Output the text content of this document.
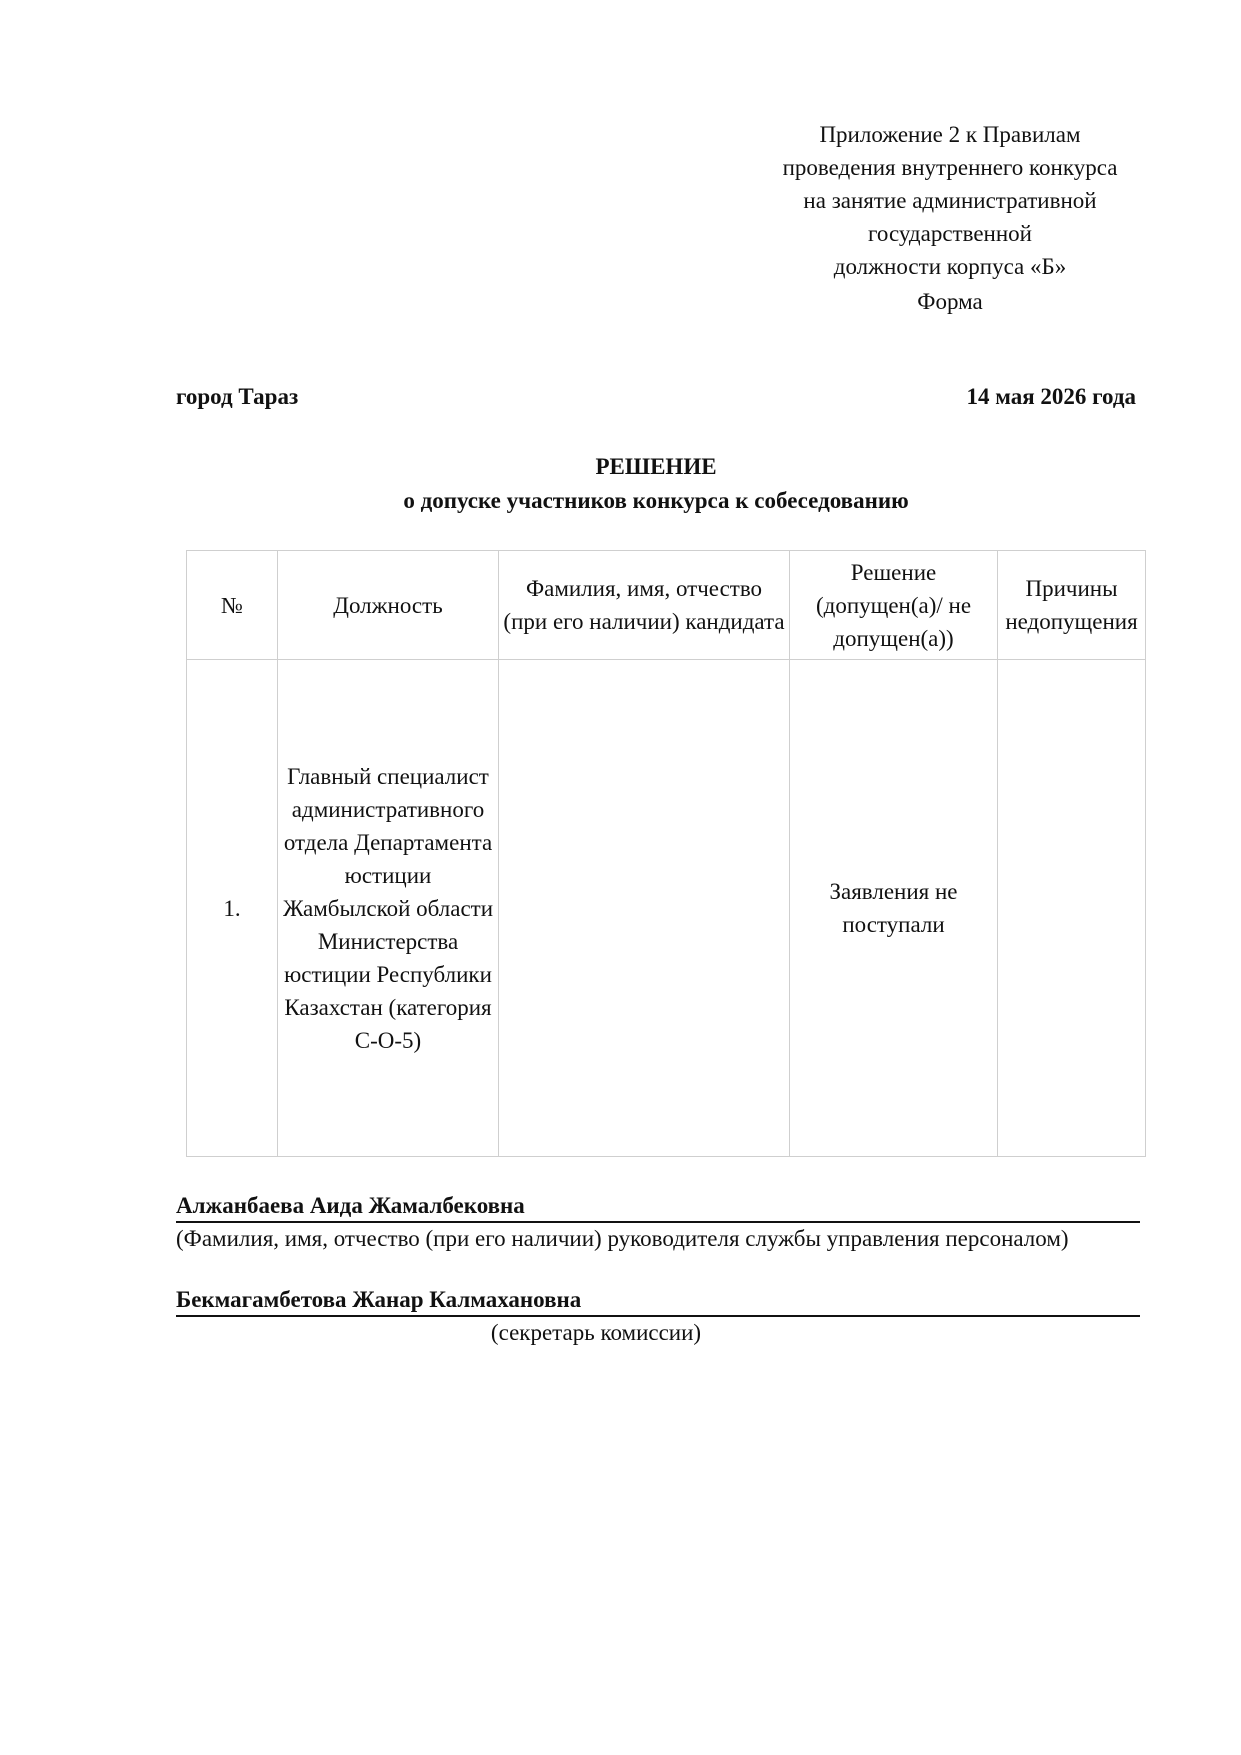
Приложение 2 к Правилам
проведения внутреннего конкурса
на занятие административной
государственной
должности корпуса «Б»
Форма
город Тараз	14 мая 2026 года
РЕШЕНИЕ
о допуске участников конкурса к собеседованию
№	Должность	Фамилия, имя, отчество (при его наличии) кандидата	Решение (допущен(а)/ не допущен(а))	Причины недопущения
1.	Главный специалист административного отдела Департамента юстиции Жамбылской области Министерства юстиции Республики Казахстан (категория С-О-5)		Заявления не поступали	
Алжанбаева Аида Жамалбековна
(Фамилия, имя, отчество (при его наличии) руководителя службы управления персоналом)
Бекмагамбетова Жанар Калмахановна
(секретарь комиссии)
